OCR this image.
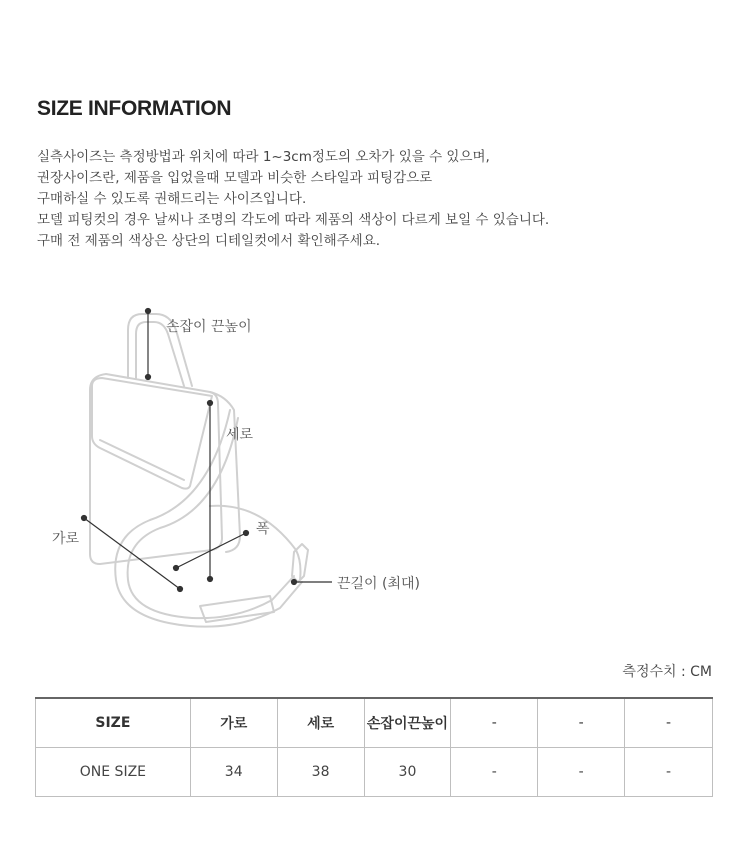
SIZE INFORMATION
실측사이즈는 측정방법과 위치에 따라 1~3cm정도의 오차가 있을 수 있으며,
권장사이즈란, 제품을 입었을때 모델과 비슷한 스타일과 피팅감으로
구매하실 수 있도록 권해드리는 사이즈입니다.
모델 피팅컷의 경우 날씨나 조명의 각도에 따라 제품의 색상이 다르게 보일 수 있습니다.
구매 전 제품의 색상은 상단의 디테일컷에서 확인해주세요.
손잡이 끈높이
세로
폭
가로
끈길이 (최대)
측정수치 : CM
SIZE	가로	세로	손잡이끈높이	-	-	-
ONE SIZE	34	38	30	-	-	-
